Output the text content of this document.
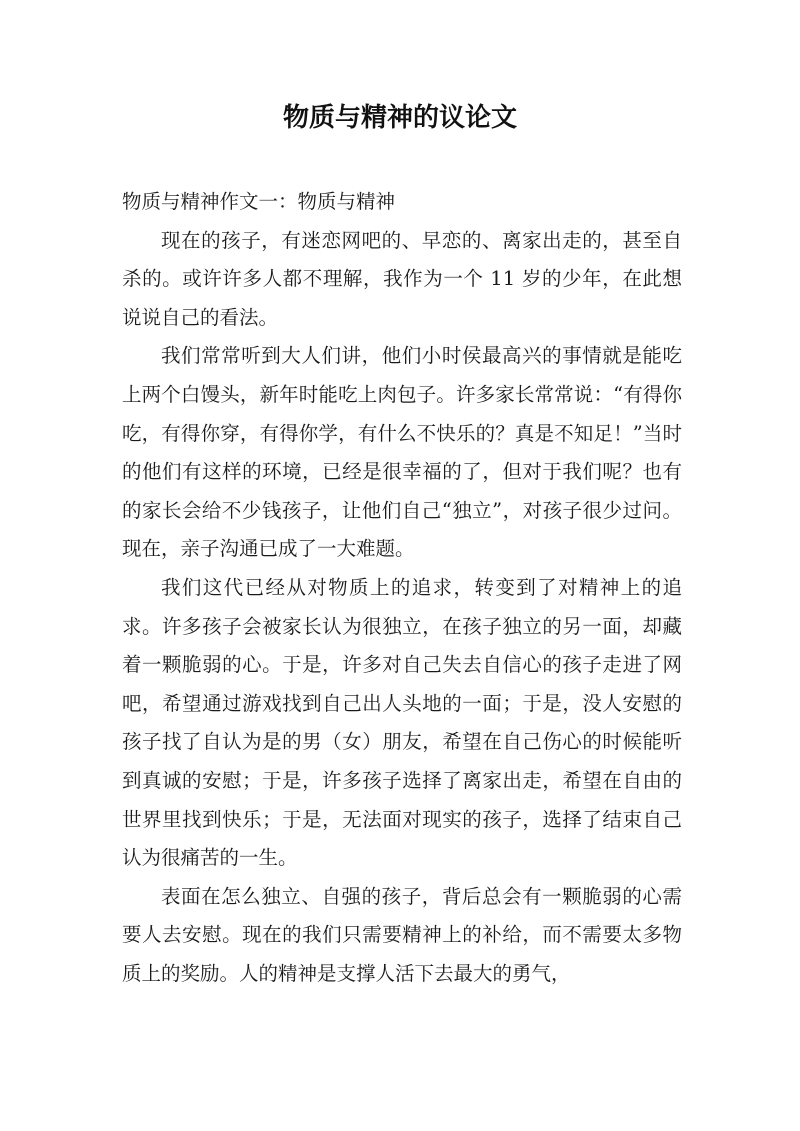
物质与精神的议论文

物质与精神作文一：物质与精神

现在的孩子，有迷恋网吧的、早恋的、离家出走的，甚至自杀的。或许许多人都不理解，我作为一个 11 岁的少年，在此想说说自己的看法。

我们常常听到大人们讲，他们小时侯最高兴的事情就是能吃上两个白馒头，新年时能吃上肉包子。许多家长常常说：“有得你吃，有得你穿，有得你学，有什么不快乐的？真是不知足！”当时的他们有这样的环境，已经是很幸福的了，但对于我们呢？也有的家长会给不少钱孩子，让他们自己“独立”，对孩子很少过问。现在，亲子沟通已成了一大难题。

我们这代已经从对物质上的追求，转变到了对精神上的追求。许多孩子会被家长认为很独立，在孩子独立的另一面，却藏着一颗脆弱的心。于是，许多对自己失去自信心的孩子走进了网吧，希望通过游戏找到自己出人头地的一面；于是，没人安慰的孩子找了自认为是的男（女）朋友，希望在自己伤心的时候能听到真诚的安慰；于是，许多孩子选择了离家出走，希望在自由的世界里找到快乐；于是，无法面对现实的孩子，选择了结束自己认为很痛苦的一生。

表面在怎么独立、自强的孩子，背后总会有一颗脆弱的心需要人去安慰。现在的我们只需要精神上的补给，而不需要太多物质上的奖励。人的精神是支撑人活下去最大的勇气，
